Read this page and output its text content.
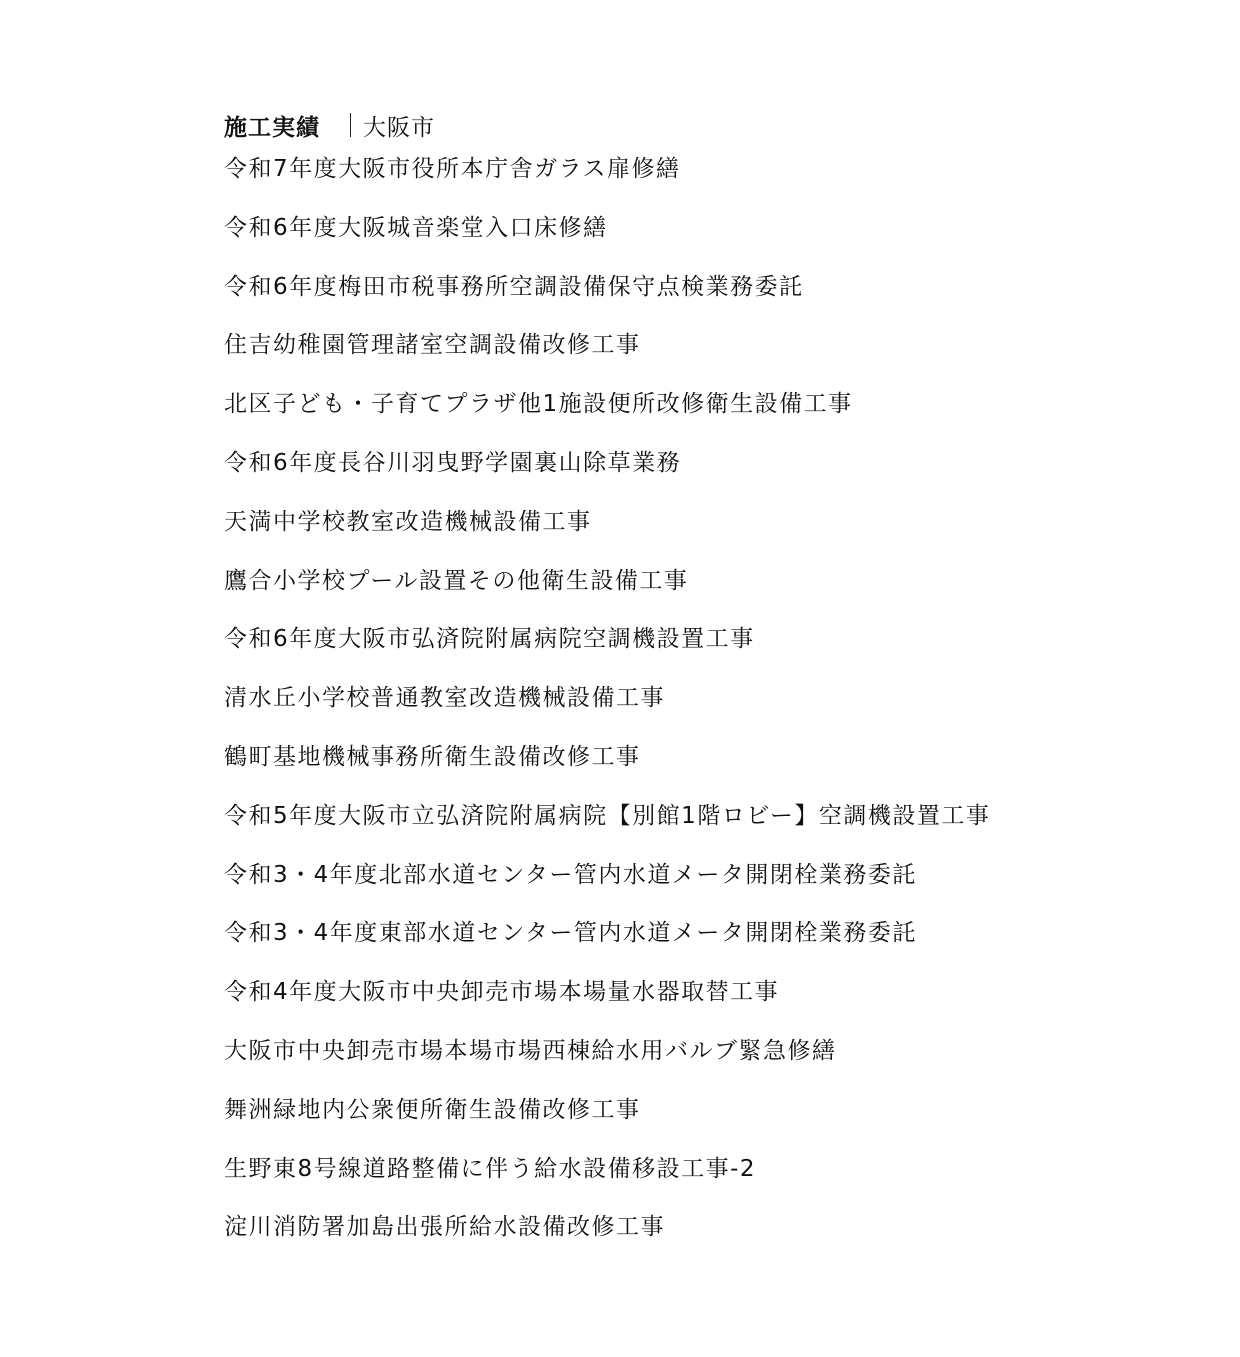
施工実績 大阪市
令和7年度大阪市役所本庁舎ガラス扉修繕
令和6年度大阪城音楽堂入口床修繕
令和6年度梅田市税事務所空調設備保守点検業務委託
住吉幼稚園管理諸室空調設備改修工事
北区子ども・子育てプラザ他1施設便所改修衛生設備工事
令和6年度長谷川羽曳野学園裏山除草業務
天満中学校教室改造機械設備工事
鷹合小学校プール設置その他衛生設備工事
令和6年度大阪市弘済院附属病院空調機設置工事
清水丘小学校普通教室改造機械設備工事
鶴町基地機械事務所衛生設備改修工事
令和5年度大阪市立弘済院附属病院【別館1階ロビー】空調機設置工事
令和3・4年度北部水道センター管内水道メータ開閉栓業務委託
令和3・4年度東部水道センター管内水道メータ開閉栓業務委託
令和4年度大阪市中央卸売市場本場量水器取替工事
大阪市中央卸売市場本場市場西棟給水用バルブ緊急修繕
舞洲緑地内公衆便所衛生設備改修工事
生野東8号線道路整備に伴う給水設備移設工事-2
淀川消防署加島出張所給水設備改修工事
